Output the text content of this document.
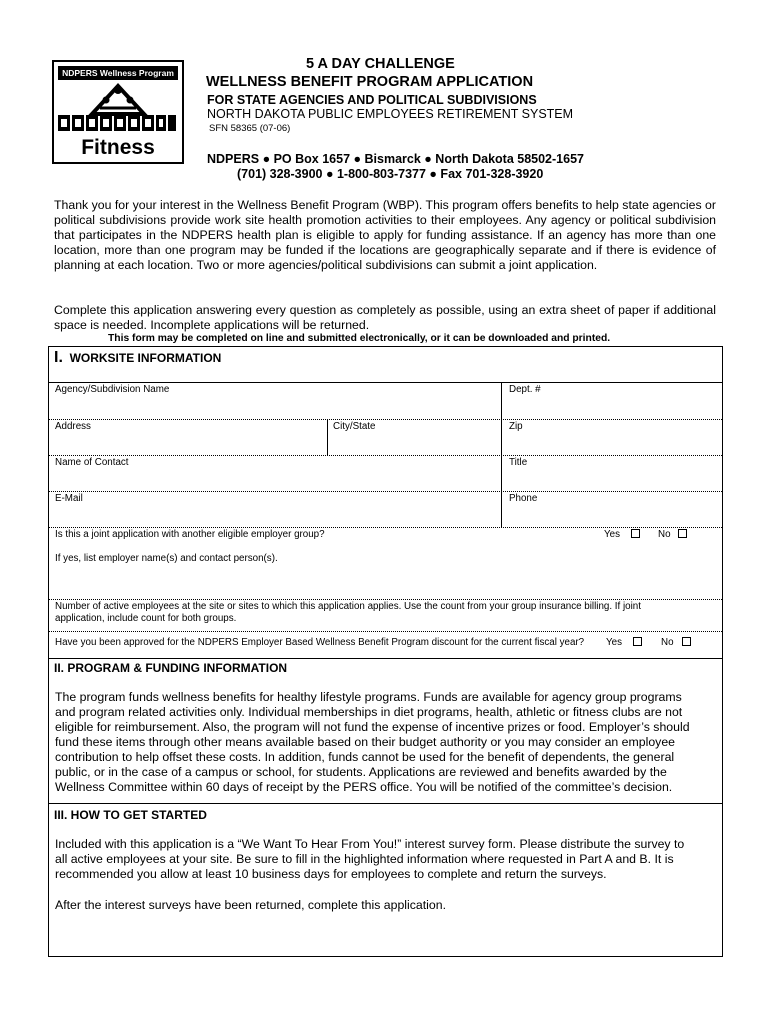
NDPERS Wellness Program
Fitness
5 A DAY CHALLENGE
WELLNESS BENEFIT PROGRAM APPLICATION
FOR STATE AGENCIES AND POLITICAL SUBDIVISIONS
NORTH DAKOTA PUBLIC EMPLOYEES RETIREMENT SYSTEM
SFN 58365 (07-06)
NDPERS ● PO Box 1657 ● Bismarck ● North Dakota 58502-1657
(701) 328-3900 ● 1-800-803-7377 ● Fax 701-328-3920
Thank you for your interest in the Wellness Benefit Program (WBP). This program offers benefits to help state agencies or political subdivisions provide work site health promotion activities to their employees. Any agency or political subdivision that participates in the NDPERS health plan is eligible to apply for funding assistance. If an agency has more than one location, more than one program may be funded if the locations are geographically separate and if there is evidence of planning at each location. Two or more agencies/political subdivisions can submit a joint application.
Complete this application answering every question as completely as possible, using an extra sheet of paper if additional space is needed. Incomplete applications will be returned.
This form may be completed on line and submitted electronically, or it can be downloaded and printed.
I. WORKSITE INFORMATION
Agency/Subdivision Name	Dept. #
Address	City/State	Zip
Name of Contact	Title
E-Mail	Phone
Is this a joint application with another eligible employer group?	Yes	No
If yes, list employer name(s) and contact person(s).
Number of active employees at the site or sites to which this application applies. Use the count from your group insurance billing. If joint
application, include count for both groups.
Have you been approved for the NDPERS Employer Based Wellness Benefit Program discount for the current fiscal year? Yes	No
II. PROGRAM & FUNDING INFORMATION
The program funds wellness benefits for healthy lifestyle programs. Funds are available for agency group programs
and program related activities only. Individual memberships in diet programs, health, athletic or fitness clubs are not
eligible for reimbursement. Also, the program will not fund the expense of incentive prizes or food. Employer’s should
fund these items through other means available based on their budget authority or you may consider an employee
contribution to help offset these costs. In addition, funds cannot be used for the benefit of dependents, the general
public, or in the case of a campus or school, for students. Applications are reviewed and benefits awarded by the
Wellness Committee within 60 days of receipt by the PERS office. You will be notified of the committee’s decision.
III. HOW TO GET STARTED
Included with this application is a “We Want To Hear From You!” interest survey form. Please distribute the survey to
all active employees at your site. Be sure to fill in the highlighted information where requested in Part A and B. It is
recommended you allow at least 10 business days for employees to complete and return the surveys.
After the interest surveys have been returned, complete this application.
